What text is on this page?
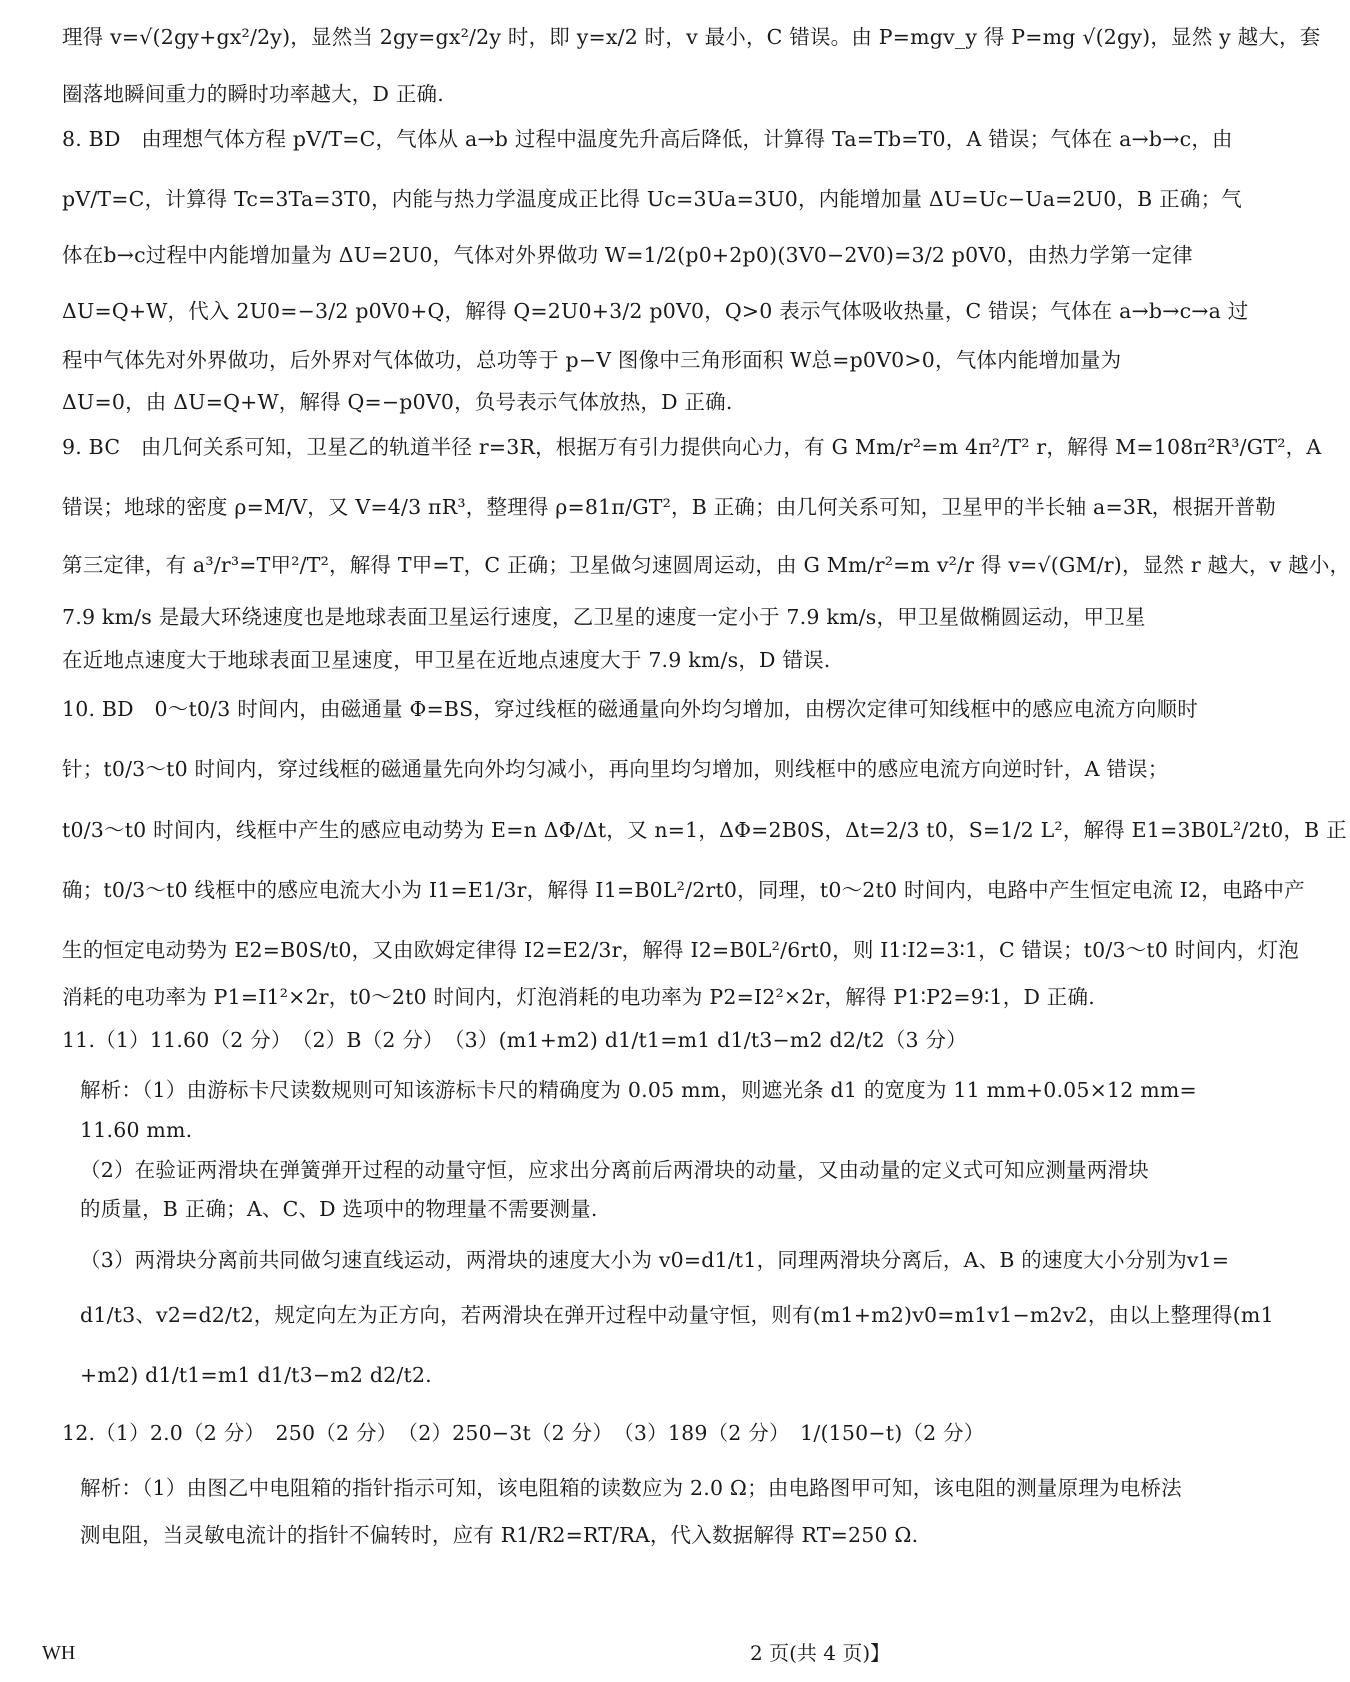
理得 v=√(2gy+gx²/2y)，显然当 2gy=gx²/2y 时，即 y=x/2 时，v 最小，C 错误。由 P=mgv_y 得 P=mg √(2gy)，显然 y 越大，套
圈落地瞬间重力的瞬时功率越大，D 正确.
8. BD　由理想气体方程 pV/T=C，气体从 a→b 过程中温度先升高后降低，计算得 Ta=Tb=T0，A 错误；气体在 a→b→c，由
pV/T=C，计算得 Tc=3Ta=3T0，内能与热力学温度成正比得 Uc=3Ua=3U0，内能增加量 ΔU=Uc−Ua=2U0，B 正确；气
体在b→c过程中内能增加量为 ΔU=2U0，气体对外界做功 W=1/2(p0+2p0)(3V0−2V0)=3/2 p0V0，由热力学第一定律
ΔU=Q+W，代入 2U0=−3/2 p0V0+Q，解得 Q=2U0+3/2 p0V0，Q>0 表示气体吸收热量，C 错误；气体在 a→b→c→a 过
程中气体先对外界做功，后外界对气体做功，总功等于 p−V 图像中三角形面积 W总=p0V0>0，气体内能增加量为
ΔU=0，由 ΔU=Q+W，解得 Q=−p0V0，负号表示气体放热，D 正确.
9. BC　由几何关系可知，卫星乙的轨道半径 r=3R，根据万有引力提供向心力，有 G Mm/r²=m 4π²/T² r，解得 M=108π²R³/GT²，A
错误；地球的密度 ρ=M/V，又 V=4/3 πR³，整理得 ρ=81π/GT²，B 正确；由几何关系可知，卫星甲的半长轴 a=3R，根据开普勒
第三定律，有 a³/r³=T甲²/T²，解得 T甲=T，C 正确；卫星做匀速圆周运动，由 G Mm/r²=m v²/r 得 v=√(GM/r)，显然 r 越大，v 越小，
7.9 km/s 是最大环绕速度也是地球表面卫星运行速度，乙卫星的速度一定小于 7.9 km/s，甲卫星做椭圆运动，甲卫星
在近地点速度大于地球表面卫星速度，甲卫星在近地点速度大于 7.9 km/s，D 错误.
10. BD　0～t0/3 时间内，由磁通量 Φ=BS，穿过线框的磁通量向外均匀增加，由楞次定律可知线框中的感应电流方向顺时
针；t0/3～t0 时间内，穿过线框的磁通量先向外均匀减小，再向里均匀增加，则线框中的感应电流方向逆时针，A 错误；
t0/3～t0 时间内，线框中产生的感应电动势为 E=n ΔΦ/Δt，又 n=1，ΔΦ=2B0S，Δt=2/3 t0，S=1/2 L²，解得 E1=3B0L²/2t0，B 正
确；t0/3～t0 线框中的感应电流大小为 I1=E1/3r，解得 I1=B0L²/2rt0，同理，t0～2t0 时间内，电路中产生恒定电流 I2，电路中产
生的恒定电动势为 E2=B0S/t0，又由欧姆定律得 I2=E2/3r，解得 I2=B0L²/6rt0，则 I1∶I2=3∶1，C 错误；t0/3～t0 时间内，灯泡
消耗的电功率为 P1=I1²×2r，t0～2t0 时间内，灯泡消耗的电功率为 P2=I2²×2r，解得 P1∶P2=9∶1，D 正确.
11.（1）11.60（2 分）　（2）B（2 分）　（3）(m1+m2) d1/t1=m1 d1/t3−m2 d2/t2（3 分）
解析：（1）由游标卡尺读数规则可知该游标卡尺的精确度为 0.05 mm，则遮光条 d1 的宽度为 11 mm+0.05×12 mm=
11.60 mm.
（2）在验证两滑块在弹簧弹开过程的动量守恒，应求出分离前后两滑块的动量，又由动量的定义式可知应测量两滑块
的质量，B 正确；A、C、D 选项中的物理量不需要测量.
（3）两滑块分离前共同做匀速直线运动，两滑块的速度大小为 v0=d1/t1，同理两滑块分离后，A、B 的速度大小分别为v1=
d1/t3、v2=d2/t2，规定向左为正方向，若两滑块在弹开过程中动量守恒，则有(m1+m2)v0=m1v1−m2v2，由以上整理得(m1
+m2) d1/t1=m1 d1/t3−m2 d2/t2.
12.（1）2.0（2 分）　250（2 分）　（2）250−3t（2 分）　（3）189（2 分）　1/(150−t)（2 分）
解析：（1）由图乙中电阻箱的指针指示可知，该电阻箱的读数应为 2.0 Ω；由电路图甲可知，该电阻的测量原理为电桥法
测电阻，当灵敏电流计的指针不偏转时，应有 R1/R2=RT/RA，代入数据解得 RT=250 Ω.
WH	2 页(共 4 页)】
